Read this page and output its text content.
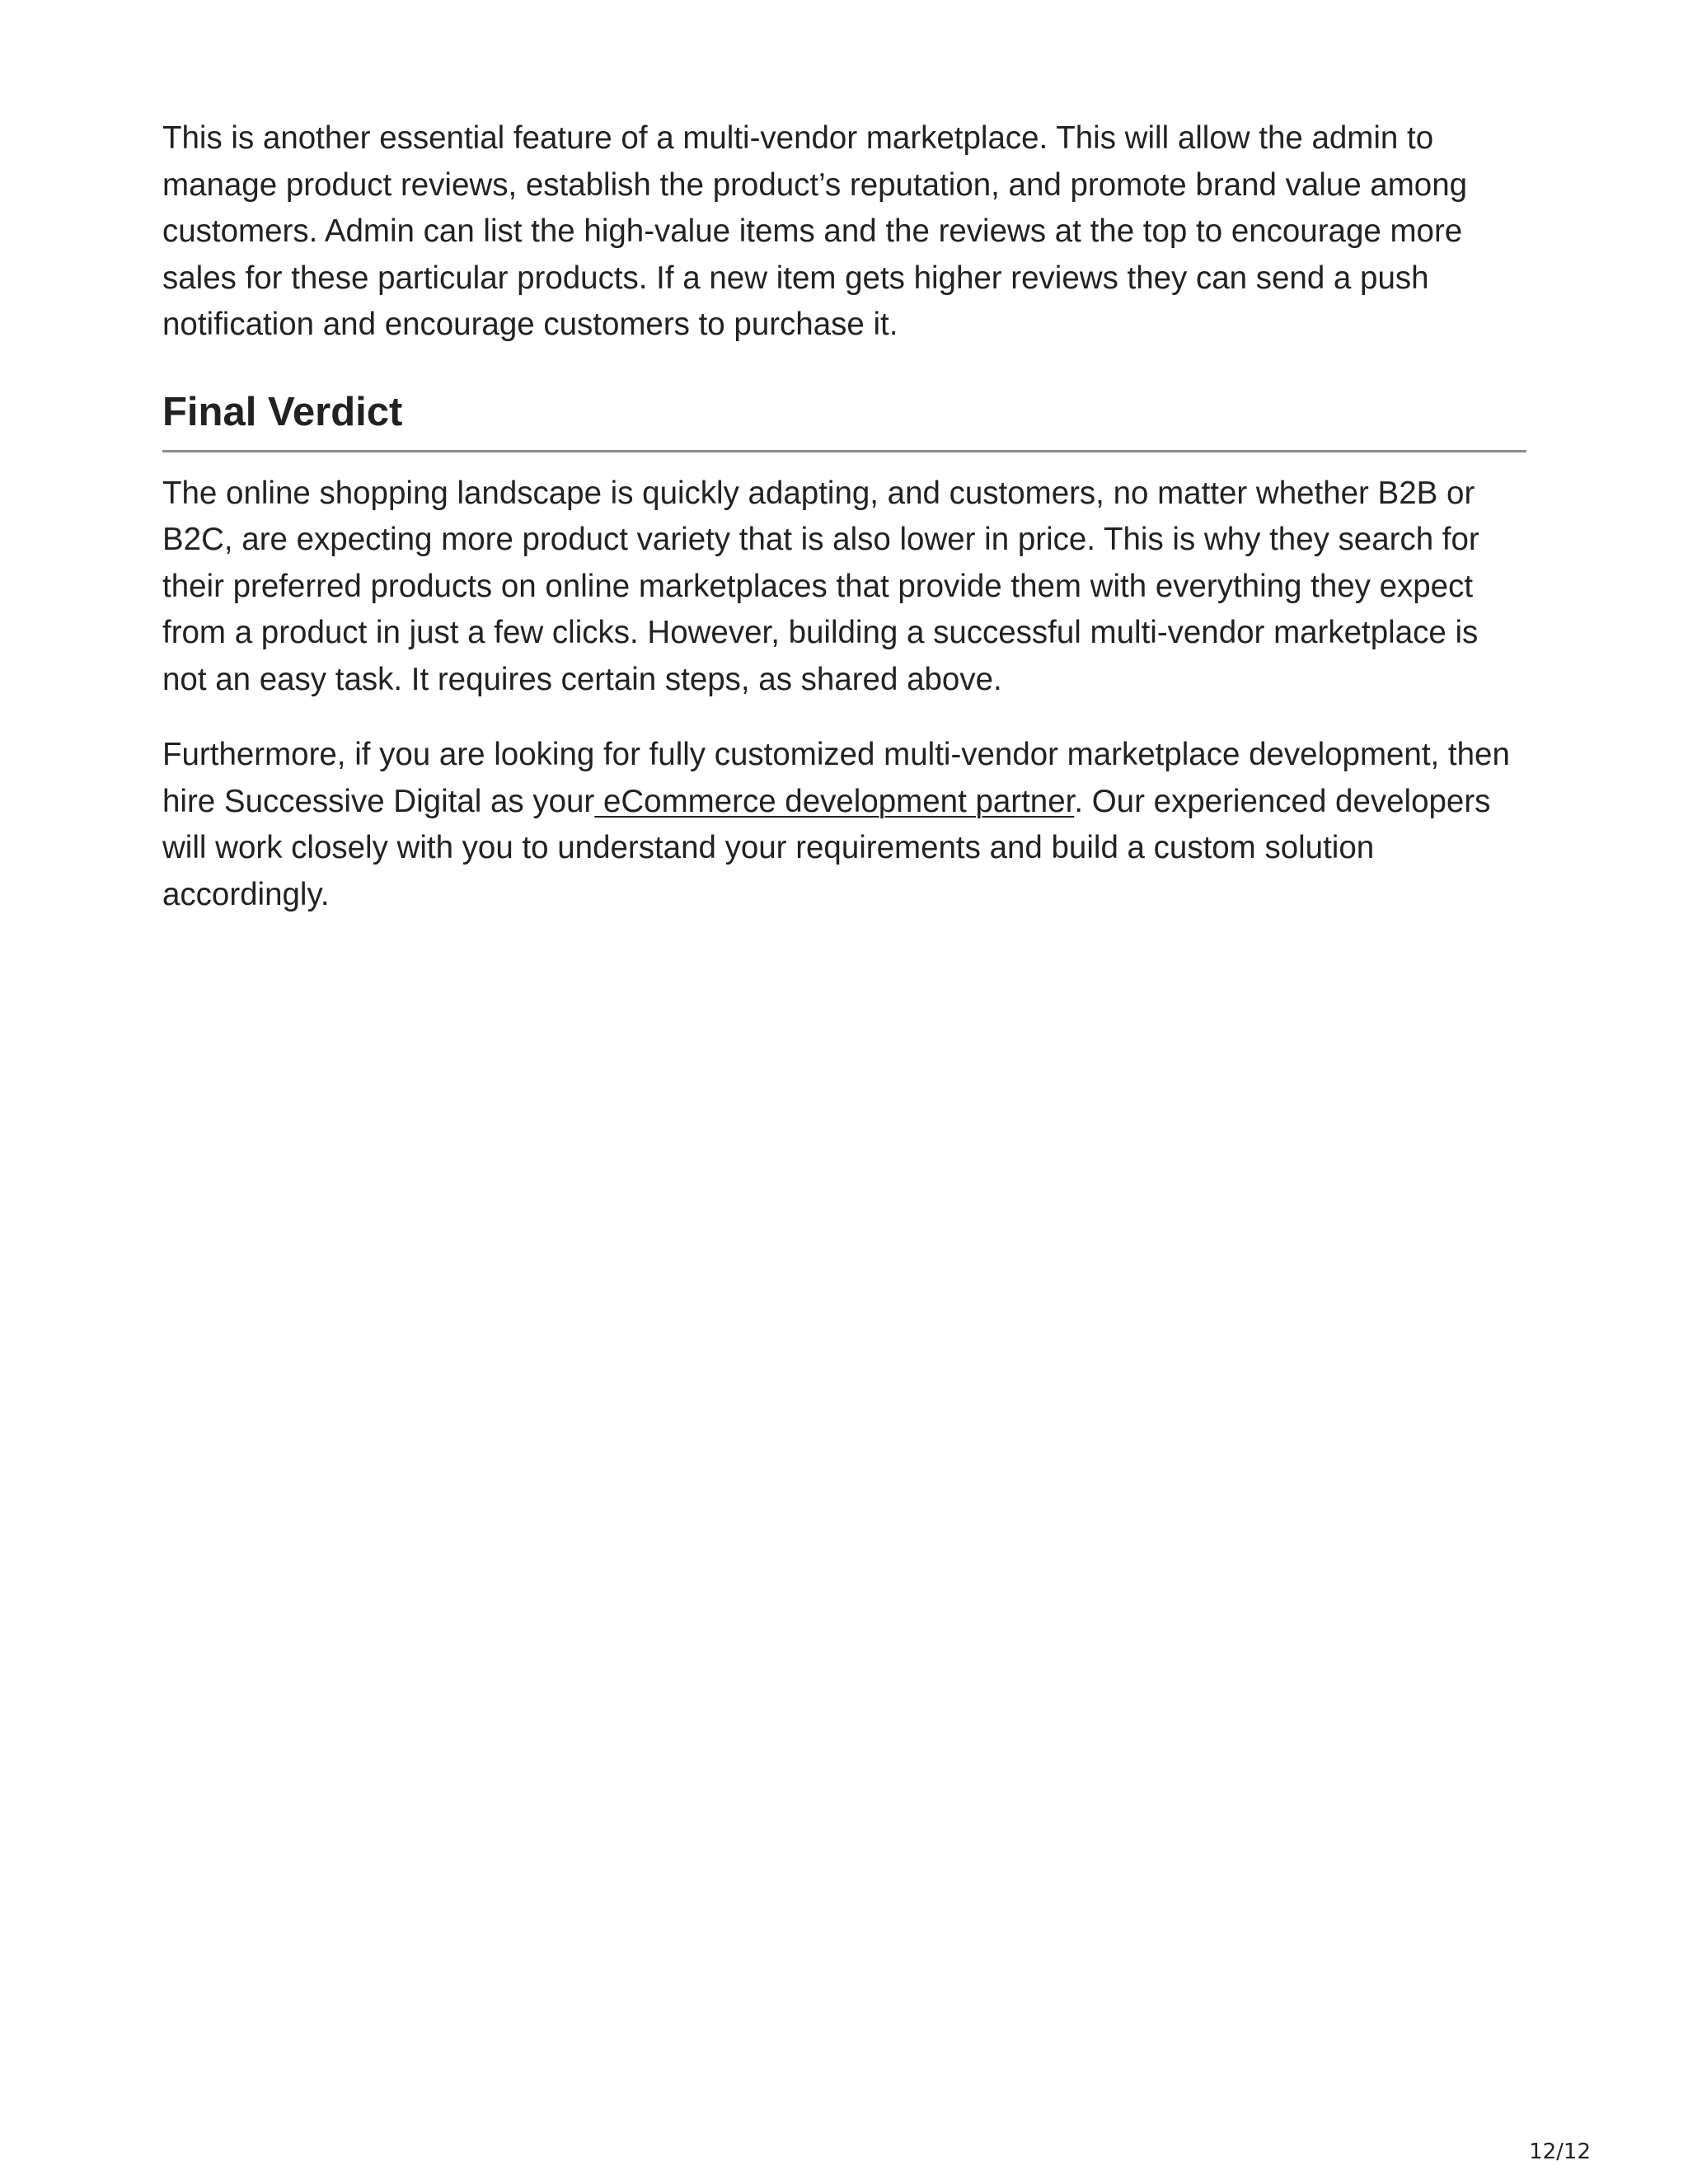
This is another essential feature of a multi-vendor marketplace. This will allow the admin to manage product reviews, establish the product’s reputation, and promote brand value among customers. Admin can list the high-value items and the reviews at the top to encourage more sales for these particular products. If a new item gets higher reviews they can send a push notification and encourage customers to purchase it.

Final Verdict

The online shopping landscape is quickly adapting, and customers, no matter whether B2B or B2C, are expecting more product variety that is also lower in price. This is why they search for their preferred products on online marketplaces that provide them with everything they expect from a product in just a few clicks. However, building a successful multi-vendor marketplace is not an easy task. It requires certain steps, as shared above.

Furthermore, if you are looking for fully customized multi-vendor marketplace development, then hire Successive Digital as your eCommerce development partner. Our experienced developers will work closely with you to understand your requirements and build a custom solution accordingly.

12/12
